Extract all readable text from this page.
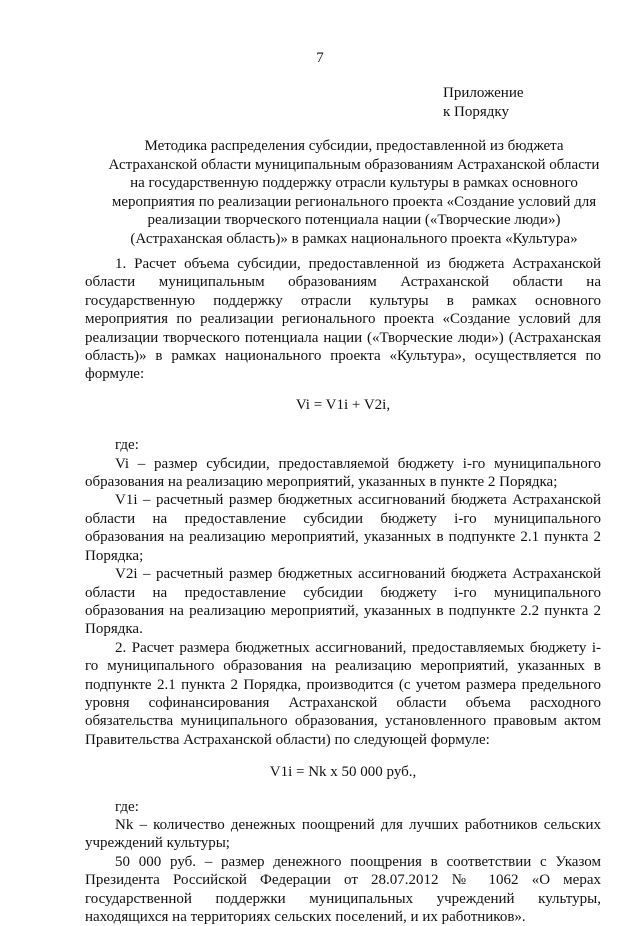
7
Приложение
к Порядку
Методика распределения субсидии, предоставленной из бюджета Астраханской области муниципальным образованиям Астраханской области на государственную поддержку отрасли культуры в рамках основного мероприятия по реализации регионального проекта «Создание условий для реализации творческого потенциала нации («Творческие люди») (Астраханская область)» в рамках национального проекта «Культура»

1. Расчет объема субсидии, предоставленной из бюджета Астраханской области муниципальным образованиям Астраханской области на государственную поддержку отрасли культуры в рамках основного мероприятия по реализации регионального проекта «Создание условий для реализации творческого потенциала нации («Творческие люди») (Астраханская область)» в рамках национального проекта «Культура», осуществляется по формуле:

Vi = V1i + V2i,

где:

Vi – размер субсидии, предоставляемой бюджету i-го муниципального образования на реализацию мероприятий, указанных в пункте 2 Порядка;

V1i – расчетный размер бюджетных ассигнований бюджета Астраханской области на предоставление субсидии бюджету i-го муниципального образования на реализацию мероприятий, указанных в подпункте 2.1 пункта 2 Порядка;

V2i – расчетный размер бюджетных ассигнований бюджета Астраханской области на предоставление субсидии бюджету i-го муниципального образования на реализацию мероприятий, указанных в подпункте 2.2 пункта 2 Порядка.

2. Расчет размера бюджетных ассигнований, предоставляемых бюджету i-го муниципального образования на реализацию мероприятий, указанных в подпункте 2.1 пункта 2 Порядка, производится (с учетом размера предельного уровня софинансирования Астраханской области объема расходного обязательства муниципального образования, установленного правовым актом Правительства Астраханской области) по следующей формуле:

V1i = Nk x 50 000 руб.,

где:

Nk – количество денежных поощрений для лучших работников сельских учреждений культуры;

50 000 руб. – размер денежного поощрения в соответствии с Указом Президента Российской Федерации от 28.07.2012 № 1062 «О мерах государственной поддержки муниципальных учреждений культуры, находящихся на территориях сельских поселений, и их работников».
